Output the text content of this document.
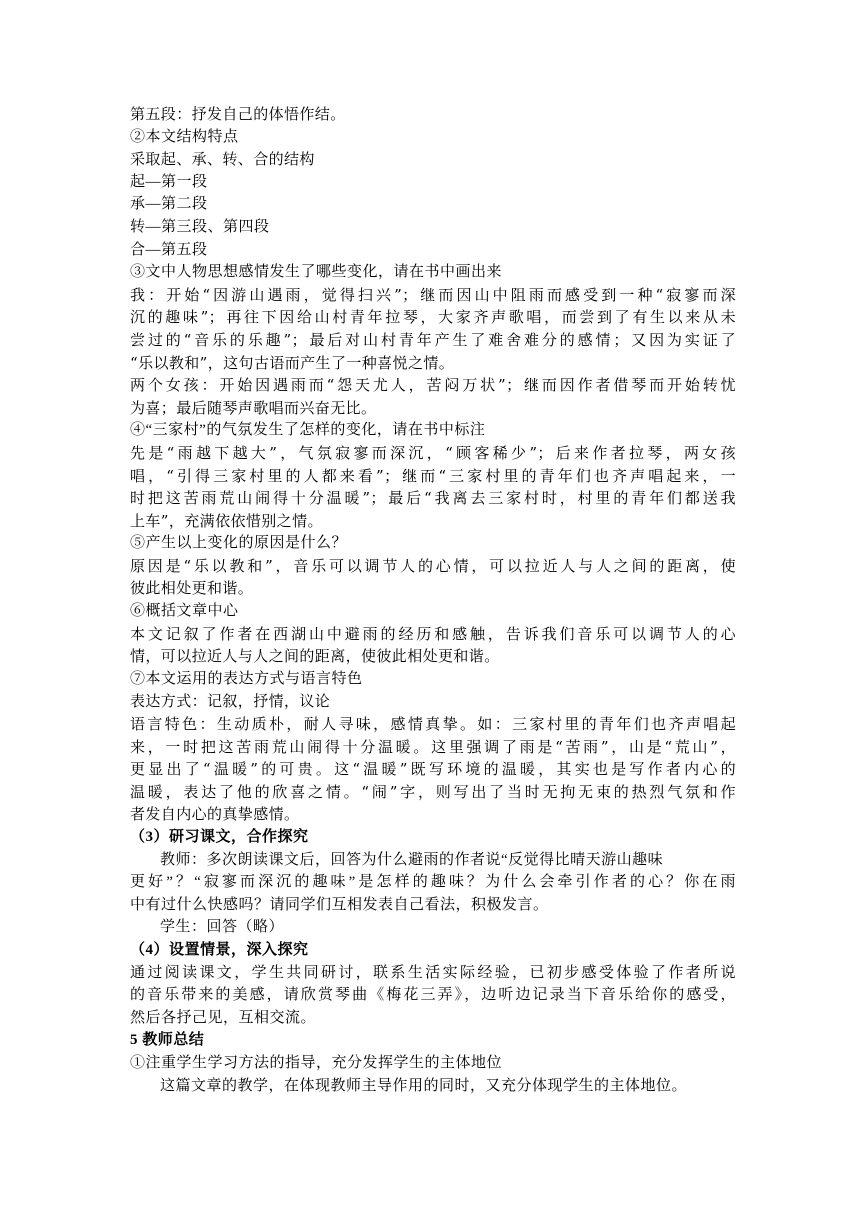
第五段：抒发自己的体悟作结。
②本文结构特点
采取起、承、转、合的结构
起—第一段
承—第二段
转—第三段、第四段
合—第五段
③文中人物思想感情发生了哪些变化，请在书中画出来
我：开始“因游山遇雨，觉得扫兴”；继而因山中阻雨而感受到一种“寂寥而深
沉的趣味”；再往下因给山村青年拉琴，大家齐声歌唱，而尝到了有生以来从未
尝过的“音乐的乐趣”；最后对山村青年产生了难舍难分的感情；又因为实证了
“乐以教和”，这句古语而产生了一种喜悦之情。
两个女孩：开始因遇雨而“怨天尤人，苦闷万状”；继而因作者借琴而开始转忧
为喜；最后随琴声歌唱而兴奋无比。
④“三家村”的气氛发生了怎样的变化，请在书中标注
先是“雨越下越大”，气氛寂寥而深沉，“顾客稀少”；后来作者拉琴，两女孩
唱，“引得三家村里的人都来看”；继而“三家村里的青年们也齐声唱起来，一
时把这苦雨荒山闹得十分温暖”；最后“我离去三家村时，村里的青年们都送我
上车”，充满依依惜别之情。
⑤产生以上变化的原因是什么？
原因是“乐以教和”，音乐可以调节人的心情，可以拉近人与人之间的距离，使
彼此相处更和谐。
⑥概括文章中心
本文记叙了作者在西湖山中避雨的经历和感触，告诉我们音乐可以调节人的心
情，可以拉近人与人之间的距离，使彼此相处更和谐。
⑦本文运用的表达方式与语言特色
表达方式：记叙，抒情，议论
语言特色：生动质朴，耐人寻味，感情真挚。如：三家村里的青年们也齐声唱起
来，一时把这苦雨荒山闹得十分温暖。这里强调了雨是“苦雨”，山是“荒山”，
更显出了“温暖”的可贵。这“温暖”既写环境的温暖，其实也是写作者内心的
温暖，表达了他的欣喜之情。“闹”字，则写出了当时无拘无束的热烈气氛和作
者发自内心的真挚感情。
（3）研习课文，合作探究
教师：多次朗读课文后，回答为什么避雨的作者说“反觉得比晴天游山趣味
更好”？“寂寥而深沉的趣味”是怎样的趣味？为什么会牵引作者的心？你在雨
中有过什么快感吗？请同学们互相发表自己看法，积极发言。
学生：回答（略）
（4）设置情景，深入探究
通过阅读课文，学生共同研讨，联系生活实际经验，已初步感受体验了作者所说
的音乐带来的美感，请欣赏琴曲《梅花三弄》，边听边记录当下音乐给你的感受，
然后各抒己见，互相交流。
5 教师总结
①注重学生学习方法的指导，充分发挥学生的主体地位
这篇文章的教学，在体现教师主导作用的同时，又充分体现学生的主体地位。
